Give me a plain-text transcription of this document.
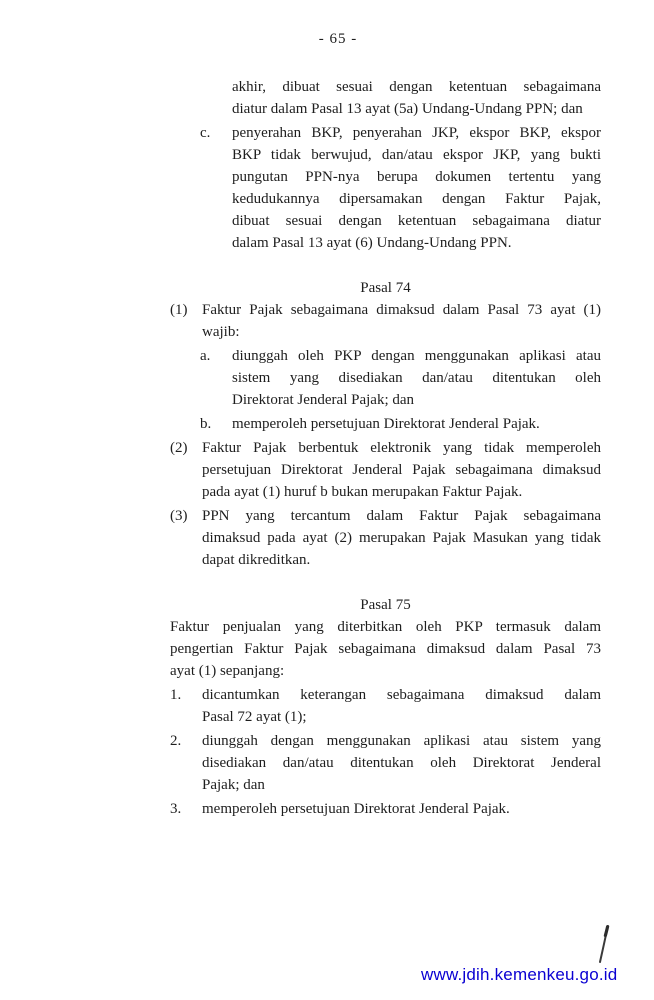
- 65 -
akhir, dibuat sesuai dengan ketentuan sebagaimana
diatur dalam Pasal 13 ayat (5a) Undang-Undang PPN; dan
c. penyerahan BKP, penyerahan JKP, ekspor BKP, ekspor
BKP tidak berwujud, dan/atau ekspor JKP, yang bukti
pungutan PPN-nya berupa dokumen tertentu yang
kedudukannya dipersamakan dengan Faktur Pajak,
dibuat sesuai dengan ketentuan sebagaimana diatur
dalam Pasal 13 ayat (6) Undang-Undang PPN.
Pasal 74
(1) Faktur Pajak sebagaimana dimaksud dalam Pasal 73 ayat (1)
wajib:
a. diunggah oleh PKP dengan menggunakan aplikasi atau
sistem yang disediakan dan/atau ditentukan oleh
Direktorat Jenderal Pajak; dan
b. memperoleh persetujuan Direktorat Jenderal Pajak.
(2) Faktur Pajak berbentuk elektronik yang tidak memperoleh
persetujuan Direktorat Jenderal Pajak sebagaimana dimaksud
pada ayat (1) huruf b bukan merupakan Faktur Pajak.
(3) PPN yang tercantum dalam Faktur Pajak sebagaimana
dimaksud pada ayat (2) merupakan Pajak Masukan yang tidak
dapat dikreditkan.
Pasal 75
Faktur penjualan yang diterbitkan oleh PKP termasuk dalam
pengertian Faktur Pajak sebagaimana dimaksud dalam Pasal 73
ayat (1) sepanjang:
1. dicantumkan keterangan sebagaimana dimaksud dalam
Pasal 72 ayat (1);
2. diunggah dengan menggunakan aplikasi atau sistem yang
disediakan dan/atau ditentukan oleh Direktorat Jenderal
Pajak; dan
3. memperoleh persetujuan Direktorat Jenderal Pajak.
www.jdih.kemenkeu.go.id
